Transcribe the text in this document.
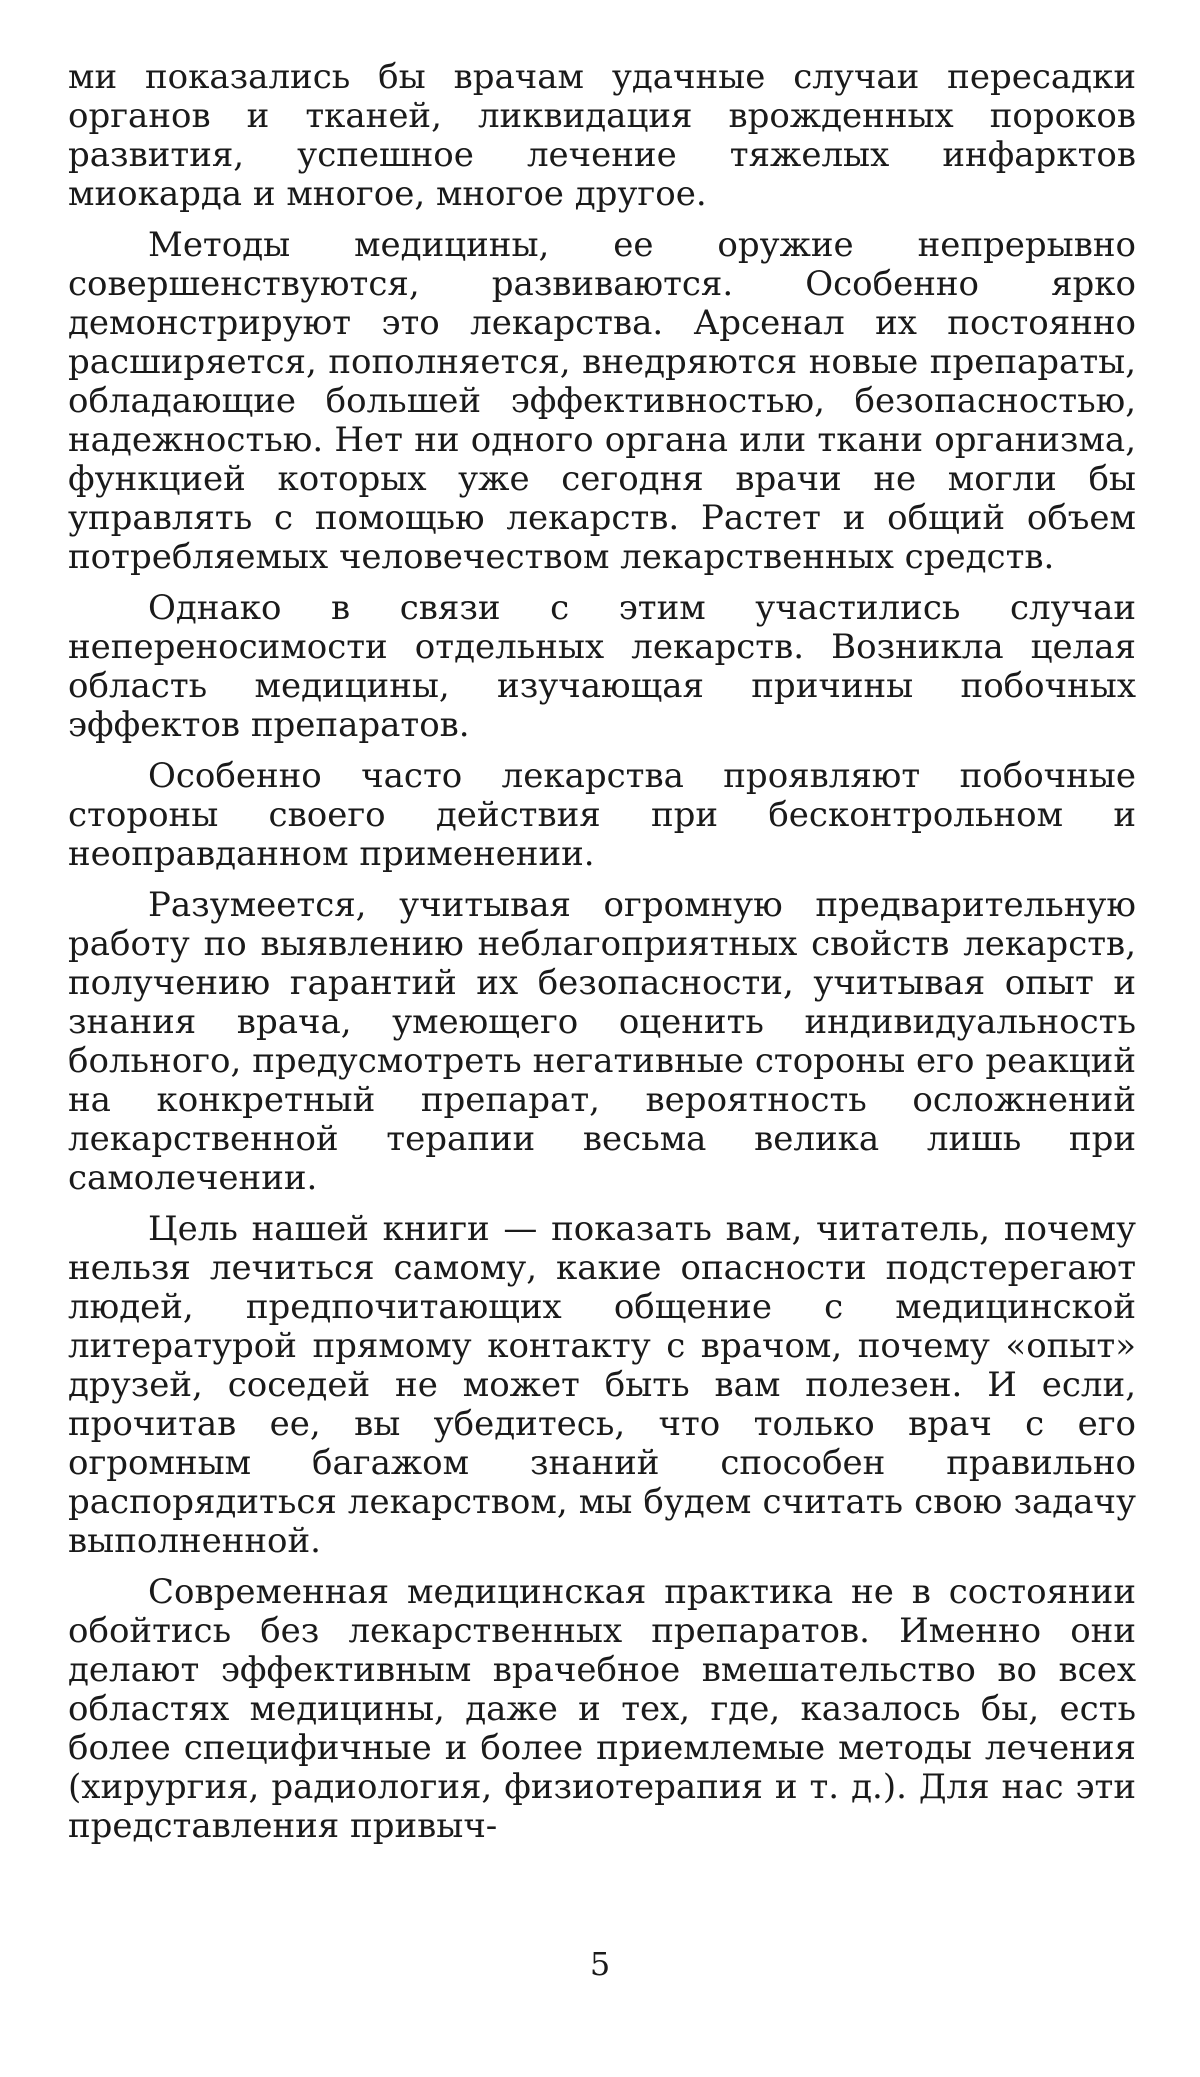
ми показались бы врачам удачные случаи пересадки органов и тканей, ликвидация врожденных пороков развития, успешное лечение тяжелых инфарктов миокарда и многое, многое другое.

Методы медицины, ее оружие непрерывно совершенствуются, развиваются. Особенно ярко демонстрируют это лекарства. Арсенал их постоянно расширяется, пополняется, внедряются новые препараты, обладающие большей эффективностью, безопасностью, надежностью. Нет ни одного органа или ткани организма, функцией которых уже сегодня врачи не могли бы управлять с помощью лекарств. Растет и общий объем потребляемых человечеством лекарственных средств.

Однако в связи с этим участились случаи непереносимости отдельных лекарств. Возникла целая область медицины, изучающая причины побочных эффектов препаратов.

Особенно часто лекарства проявляют побочные стороны своего действия при бесконтрольном и неоправданном применении.

Разумеется, учитывая огромную предварительную работу по выявлению неблагоприятных свойств лекарств, получению гарантий их безопасности, учитывая опыт и знания врача, умеющего оценить индивидуальность больного, предусмотреть негативные стороны его реакций на конкретный препарат, вероятность осложнений лекарственной терапии весьма велика лишь при самолечении.

Цель нашей книги — показать вам, читатель, почему нельзя лечиться самому, какие опасности подстерегают людей, предпочитающих общение с медицинской литературой прямому контакту с врачом, почему «опыт» друзей, соседей не может быть вам полезен. И если, прочитав ее, вы убедитесь, что только врач с его огромным багажом знаний способен правильно распорядиться лекарством, мы будем считать свою задачу выполненной.

Современная медицинская практика не в состоянии обойтись без лекарственных препаратов. Именно они делают эффективным врачебное вмешательство во всех областях медицины, даже и тех, где, казалось бы, есть более специфичные и более приемлемые методы лечения (хирургия, радиология, физиотерапия и т. д.). Для нас эти представления привыч-

5
